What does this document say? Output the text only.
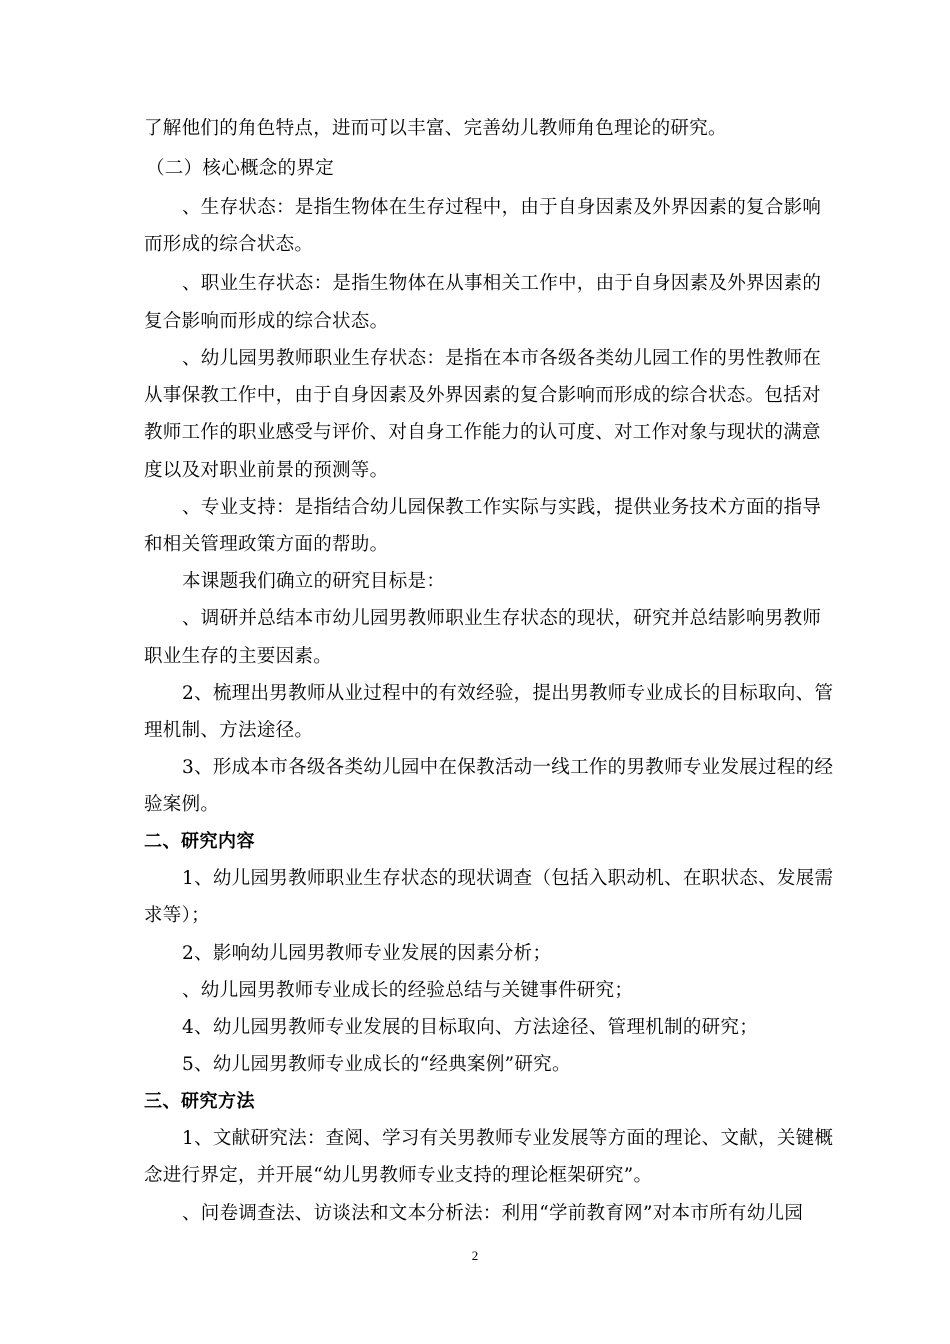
了解他们的角色特点，进而可以丰富、完善幼儿教师角色理论的研究。
（二）核心概念的界定
、生存状态：是指生物体在生存过程中，由于自身因素及外界因素的复合影响
而形成的综合状态。
、职业生存状态：是指生物体在从事相关工作中，由于自身因素及外界因素的
复合影响而形成的综合状态。
、幼儿园男教师职业生存状态：是指在本市各级各类幼儿园工作的男性教师在
从事保教工作中，由于自身因素及外界因素的复合影响而形成的综合状态。包括对
教师工作的职业感受与评价、对自身工作能力的认可度、对工作对象与现状的满意
度以及对职业前景的预测等。
、专业支持：是指结合幼儿园保教工作实际与实践，提供业务技术方面的指导
和相关管理政策方面的帮助。
本课题我们确立的研究目标是：
、调研并总结本市幼儿园男教师职业生存状态的现状，研究并总结影响男教师
职业生存的主要因素。
2、梳理出男教师从业过程中的有效经验，提出男教师专业成长的目标取向、管
理机制、方法途径。
3、形成本市各级各类幼儿园中在保教活动一线工作的男教师专业发展过程的经
验案例。
二、研究内容
1、幼儿园男教师职业生存状态的现状调查（包括入职动机、在职状态、发展需
求等）；
2、影响幼儿园男教师专业发展的因素分析；
、幼儿园男教师专业成长的经验总结与关键事件研究；
4、幼儿园男教师专业发展的目标取向、方法途径、管理机制的研究；
5、幼儿园男教师专业成长的“经典案例”研究。
三、研究方法
1、文献研究法：查阅、学习有关男教师专业发展等方面的理论、文献，关键概
念进行界定，并开展“幼儿男教师专业支持的理论框架研究”。
、问卷调查法、访谈法和文本分析法：利用“学前教育网”对本市所有幼儿园
2
